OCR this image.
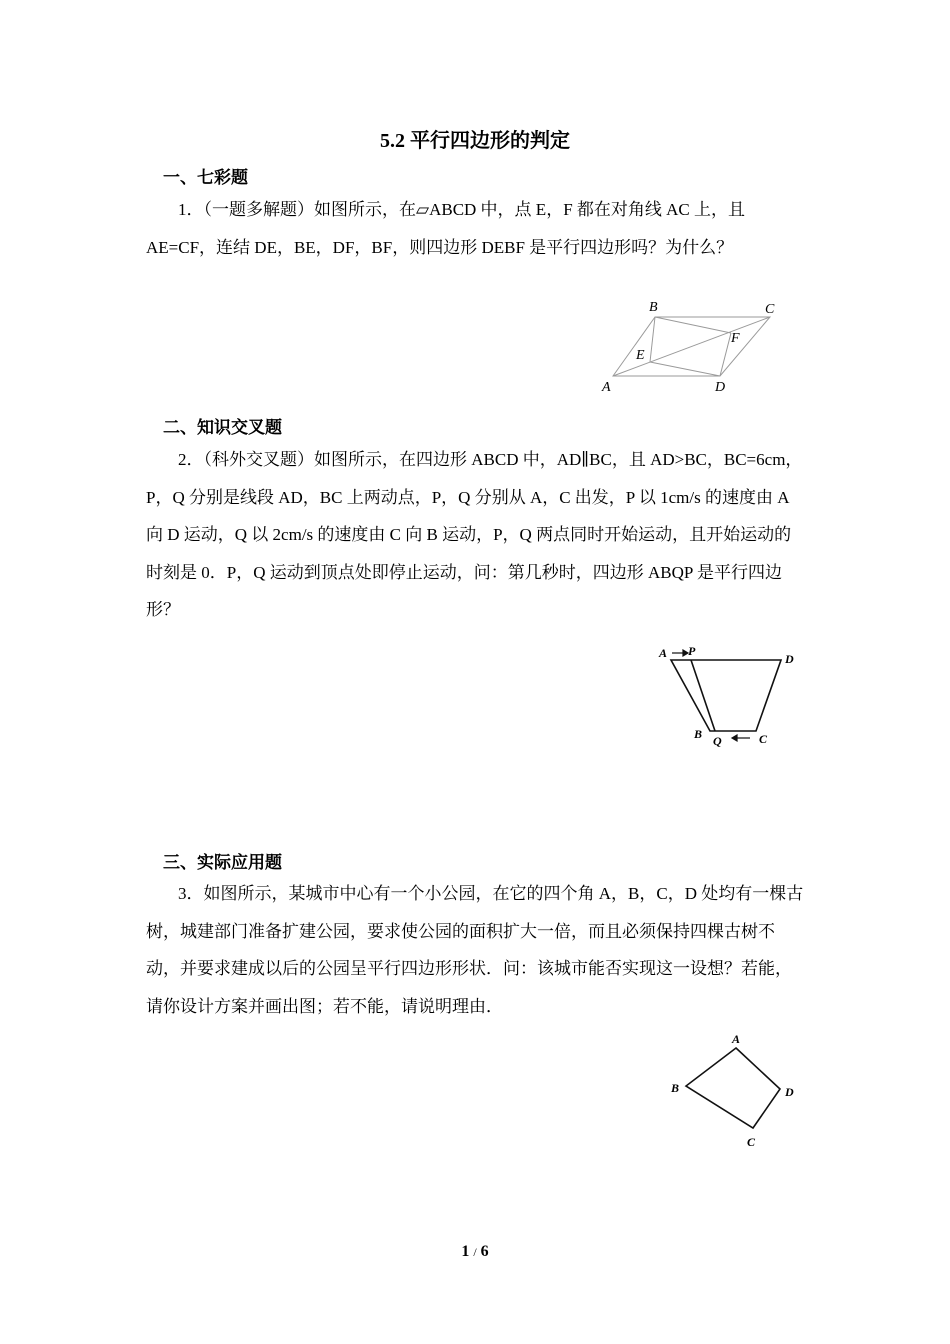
5.2 平行四边形的判定
一、七彩题
1．（一题多解题）如图所示，在▱ABCD 中，点 E，F 都在对角线 AC 上，且 AE=CF，连结 DE，BE，DF，BF，则四边形 DEBF 是平行四边形吗？为什么？
B	C
F
E
A	D
二、知识交叉题
2．（科外交叉题）如图所示，在四边形 ABCD 中，AD∥BC，且 AD>BC，BC=6cm，P，Q 分别是线段 AD，BC 上两动点，P，Q 分别从 A，C 出发，P 以 1cm/s 的速度由 A 向 D 运动，Q 以 2cm/s 的速度由 C 向 B 运动，P，Q 两点同时开始运动，且开始运动的时刻是 0．P，Q 运动到顶点处即停止运动，问：第几秒时，四边形 ABQP 是平行四边形？
A P
D
B Q	C
三、实际应用题
3．如图所示，某城市中心有一个小公园，在它的四个角 A，B，C，D 处均有一棵古树，城建部门准备扩建公园，要求使公园的面积扩大一倍，而且必须保持四棵古树不动，并要求建成以后的公园呈平行四边形形状．问：该城市能否实现这一设想？若能，请你设计方案并画出图；若不能，请说明理由．
A
B	D
C
1 / 6
